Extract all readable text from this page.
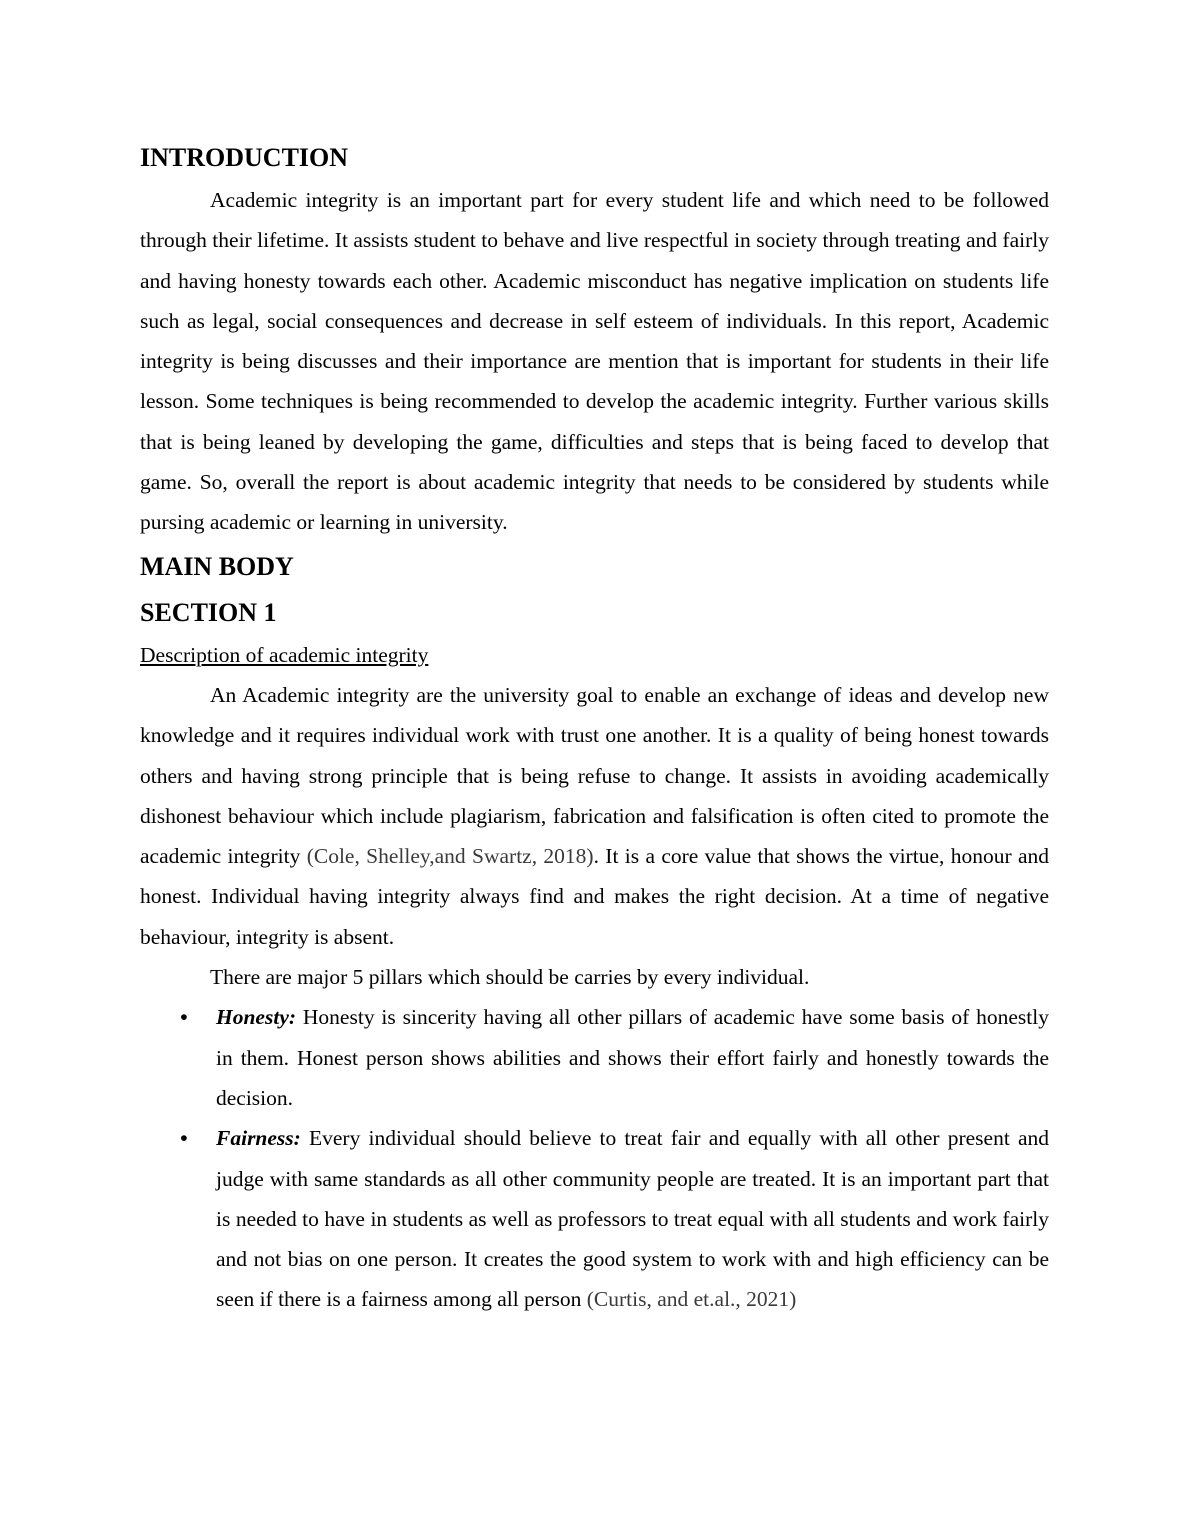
INTRODUCTION

Academic integrity is an important part for every student life and which need to be followed through their lifetime. It assists student to behave and live respectful in society through treating and fairly and having honesty towards each other. Academic misconduct has negative implication on students life such as legal, social consequences and decrease in self esteem of individuals. In this report, Academic integrity is being discusses and their importance are mention that is important for students in their life lesson. Some techniques is being recommended to develop the academic integrity. Further various skills that is being leaned by developing the game, difficulties and steps that is being faced to develop that game. So, overall the report is about academic integrity that needs to be considered by students while pursing academic or learning in university.

MAIN BODY
SECTION 1
Description of academic integrity

An Academic integrity are the university goal to enable an exchange of ideas and develop new knowledge and it requires individual work with trust one another. It is a quality of being honest towards others and having strong principle that is being refuse to change. It assists in avoiding academically dishonest behaviour which include plagiarism, fabrication and falsification is often cited to promote the academic integrity (Cole, Shelley,and Swartz, 2018). It is a core value that shows the virtue, honour and honest. Individual having integrity always find and makes the right decision. At a time of negative behaviour, integrity is absent.

There are major 5 pillars which should be carries by every individual.

• Honesty: Honesty is sincerity having all other pillars of academic have some basis of honestly in them. Honest person shows abilities and shows their effort fairly and honestly towards the decision.

• Fairness: Every individual should believe to treat fair and equally with all other present and judge with same standards as all other community people are treated. It is an important part that is needed to have in students as well as professors to treat equal with all students and work fairly and not bias on one person. It creates the good system to work with and high efficiency can be seen if there is a fairness among all person (Curtis, and et.al., 2021)
